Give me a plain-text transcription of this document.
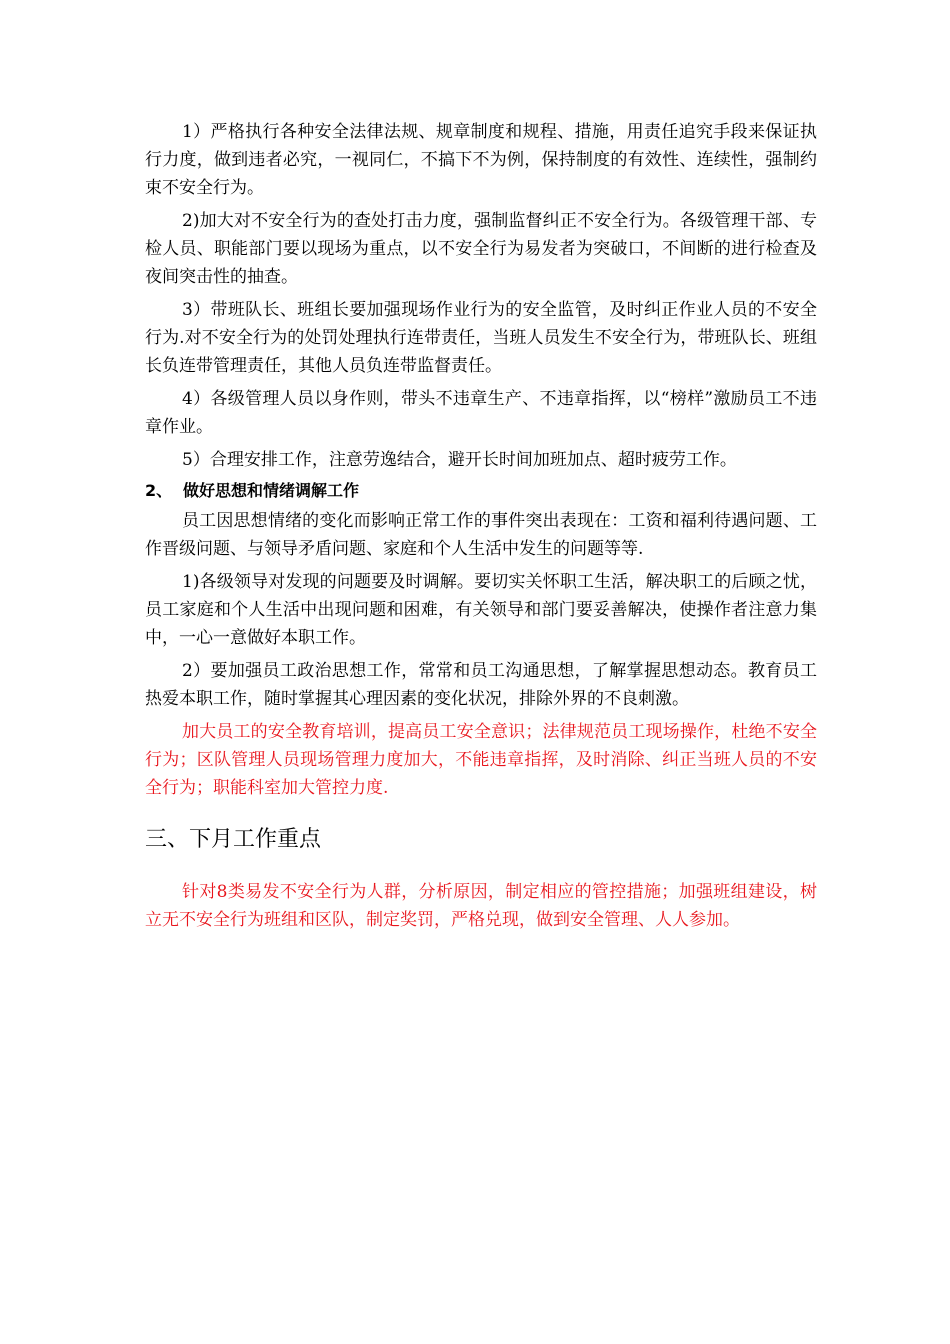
1）严格执行各种安全法律法规、规章制度和规程、措施，用责任追究手段来保证执行力度，做到违者必究，一视同仁，不搞下不为例，保持制度的有效性、连续性，强制约束不安全行为。

2)加大对不安全行为的查处打击力度，强制监督纠正不安全行为。各级管理干部、专检人员、职能部门要以现场为重点，以不安全行为易发者为突破口，不间断的进行检查及夜间突击性的抽查。

3）带班队长、班组长要加强现场作业行为的安全监管，及时纠正作业人员的不安全行为.对不安全行为的处罚处理执行连带责任，当班人员发生不安全行为，带班队长、班组长负连带管理责任，其他人员负连带监督责任。

4）各级管理人员以身作则，带头不违章生产、不违章指挥，以“榜样”激励员工不违章作业。

5）合理安排工作，注意劳逸结合，避开长时间加班加点、超时疲劳工作。

2、 做好思想和情绪调解工作

员工因思想情绪的变化而影响正常工作的事件突出表现在：工资和福利待遇问题、工作晋级问题、与领导矛盾问题、家庭和个人生活中发生的问题等等.

1)各级领导对发现的问题要及时调解。要切实关怀职工生活，解决职工的后顾之忧，员工家庭和个人生活中出现问题和困难，有关领导和部门要妥善解决，使操作者注意力集中，一心一意做好本职工作。

2）要加强员工政治思想工作，常常和员工沟通思想，了解掌握思想动态。教育员工热爱本职工作，随时掌握其心理因素的变化状况，排除外界的不良刺激。

加大员工的安全教育培训，提高员工安全意识；法律规范员工现场操作，杜绝不安全行为；区队管理人员现场管理力度加大，不能违章指挥，及时消除、纠正当班人员的不安全行为；职能科室加大管控力度.

三、下月工作重点

针对8类易发不安全行为人群，分析原因，制定相应的管控措施；加强班组建设，树立无不安全行为班组和区队，制定奖罚，严格兑现，做到安全管理、人人参加。
